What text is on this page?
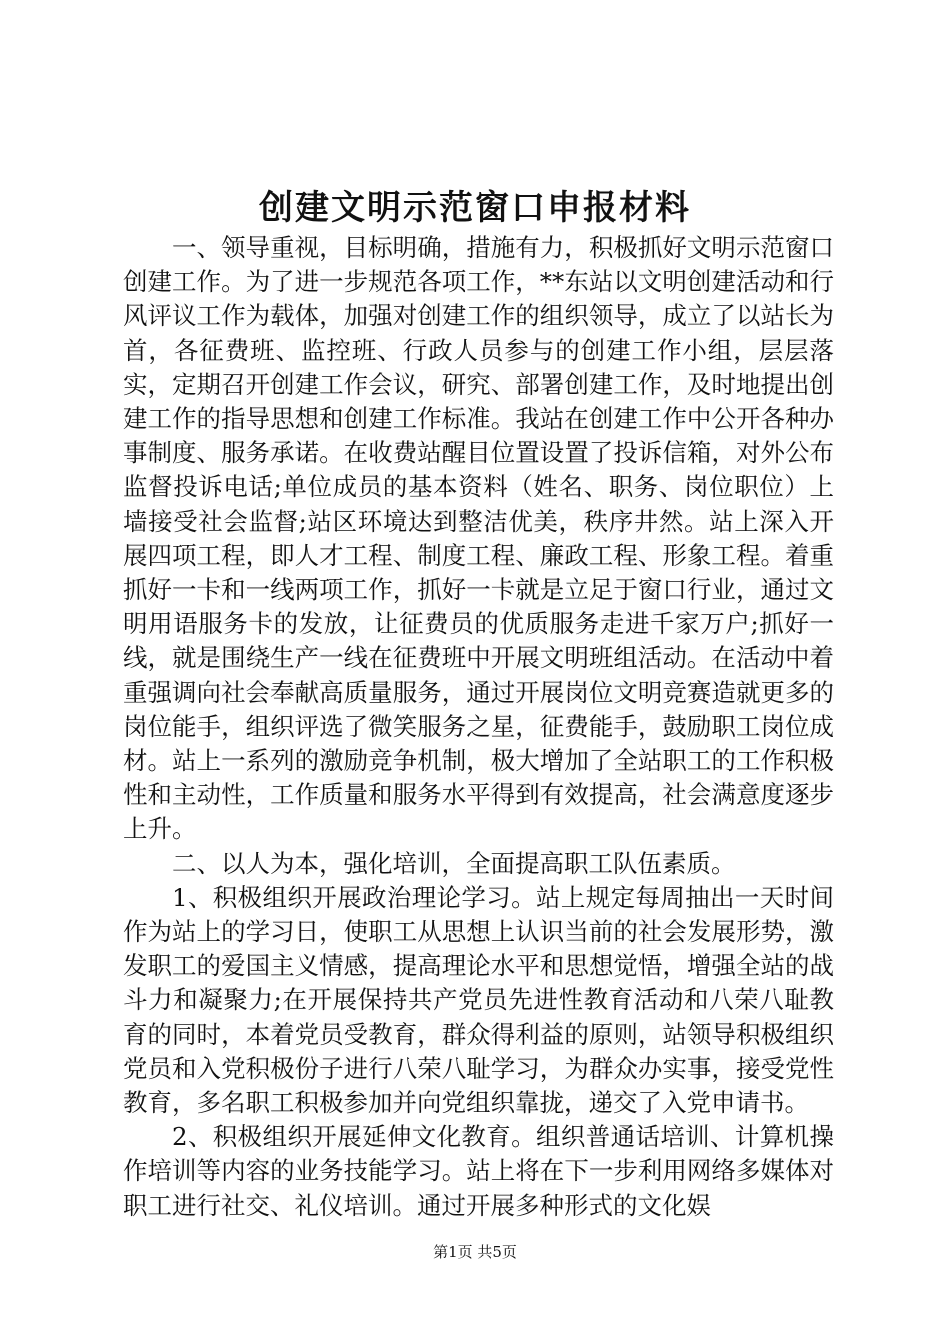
创建文明示范窗口申报材料

一、领导重视，目标明确，措施有力，积极抓好文明示范窗口创建工作。为了进一步规范各项工作，**东站以文明创建活动和行风评议工作为载体，加强对创建工作的组织领导，成立了以站长为首，各征费班、监控班、行政人员参与的创建工作小组，层层落实，定期召开创建工作会议，研究、部署创建工作，及时地提出创建工作的指导思想和创建工作标准。我站在创建工作中公开各种办事制度、服务承诺。在收费站醒目位置设置了投诉信箱，对外公布监督投诉电话;单位成员的基本资料（姓名、职务、岗位职位）上墙接受社会监督;站区环境达到整洁优美，秩序井然。站上深入开展四项工程，即人才工程、制度工程、廉政工程、形象工程。着重抓好一卡和一线两项工作，抓好一卡就是立足于窗口行业，通过文明用语服务卡的发放，让征费员的优质服务走进千家万户;抓好一线，就是围绕生产一线在征费班中开展文明班组活动。在活动中着重强调向社会奉献高质量服务，通过开展岗位文明竞赛造就更多的岗位能手，组织评选了微笑服务之星，征费能手，鼓励职工岗位成材。站上一系列的激励竞争机制，极大增加了全站职工的工作积极性和主动性，工作质量和服务水平得到有效提高，社会满意度逐步上升。

二、以人为本，强化培训，全面提高职工队伍素质。

1、积极组织开展政治理论学习。站上规定每周抽出一天时间作为站上的学习日，使职工从思想上认识当前的社会发展形势，激发职工的爱国主义情感，提高理论水平和思想觉悟，增强全站的战斗力和凝聚力;在开展保持共产党员先进性教育活动和八荣八耻教育的同时，本着党员受教育，群众得利益的原则，站领导积极组织党员和入党积极份子进行八荣八耻学习，为群众办实事，接受党性教育，多名职工积极参加并向党组织靠拢，递交了入党申请书。

2、积极组织开展延伸文化教育。组织普通话培训、计算机操作培训等内容的业务技能学习。站上将在下一步利用网络多媒体对职工进行社交、礼仪培训。通过开展多种形式的文化娱

第1页 共5页
